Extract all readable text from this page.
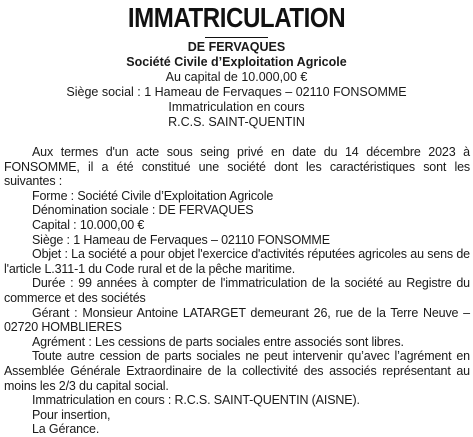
IMMATRICULATION
DE FERVAQUES
Société Civile d’Exploitation Agricole
Au capital de 10.000,00 €
Siège social : 1 Hameau de Fervaques – 02110 FONSOMME
Immatriculation en cours
R.C.S. SAINT-QUENTIN

Aux termes d'un acte sous seing privé en date du 14 décembre 2023 à FONSOMME, il a été constitué une société dont les caractéristiques sont les suivantes :

Forme : Société Civile d’Exploitation Agricole

Dénomination sociale : DE FERVAQUES

Capital : 10.000,00 €

Siège : 1 Hameau de Fervaques – 02110 FONSOMME

Objet : La société a pour objet l'exercice d'activités réputées agricoles au sens de l'article L.311-1 du Code rural et de la pêche maritime.

Durée : 99 années à compter de l'immatriculation de la société au Registre du commerce et des sociétés

Gérant : Monsieur Antoine LATARGET demeurant 26, rue de la Terre Neuve – 02720 HOMBLIERES

Agrément : Les cessions de parts sociales entre associés sont libres.

Toute autre cession de parts sociales ne peut intervenir qu’avec l’agrément en Assemblée Générale Extraordinaire de la collectivité des associés représentant au moins les 2/3 du capital social.

Immatriculation en cours : R.C.S. SAINT-QUENTIN (AISNE).

Pour insertion,

La Gérance.
